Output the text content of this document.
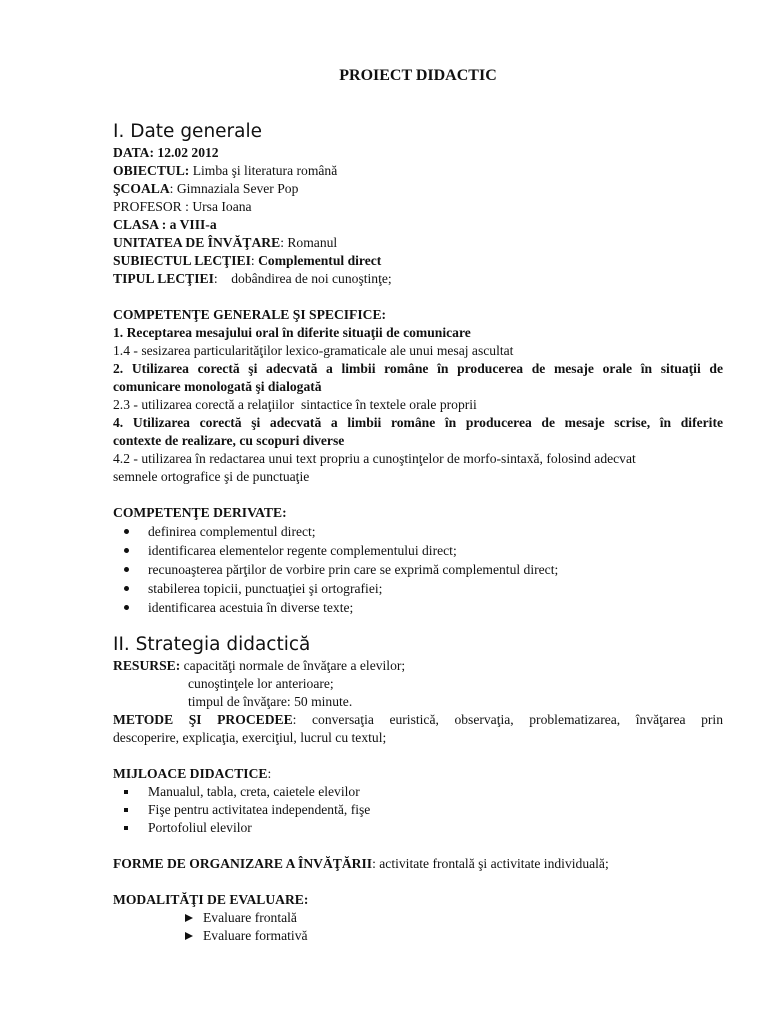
PROIECT DIDACTIC
I. Date generale
DATA: 12.02 2012
OBIECTUL: Limba şi literatura română
ŞCOALA: Gimnaziala Sever Pop
PROFESOR : Ursa Ioana
CLASA : a VIII-a
UNITATEA DE ÎNVĂŢARE: Romanul
SUBIECTUL LECŢIEI: Complementul direct
TIPUL LECŢIEI:    dobândirea de noi cunoştinţe;
COMPETENŢE GENERALE ŞI SPECIFICE:
1. Receptarea mesajului oral în diferite situaţii de comunicare
1.4 - sesizarea particularităţilor lexico-gramaticale ale unui mesaj ascultat
2. Utilizarea corectă şi adecvată a limbii române în producerea de mesaje orale în situaţii de
comunicare monologată şi dialogată
2.3 - utilizarea corectă a relaţiilor  sintactice în textele orale proprii
4. Utilizarea corectă şi adecvată a limbii române în producerea de mesaje scrise, în diferite
contexte de realizare, cu scopuri diverse
4.2 - utilizarea în redactarea unui text propriu a cunoştinţelor de morfo-sintaxă, folosind adecvat
semnele ortografice şi de punctuaţie
COMPETENŢE DERIVATE:
definirea complementul direct;
identificarea elementelor regente complementului direct;
recunoaşterea părţilor de vorbire prin care se exprimă complementul direct;
stabilerea topicii, punctuaţiei şi ortografiei;
identificarea acestuia în diverse texte;
II. Strategia didactică
RESURSE: capacităţi normale de învăţare a elevilor;
cunoştinţele lor anterioare;
timpul de învăţare: 50 minute.
METODE ŞI PROCEDEE: conversaţia euristică, observaţia, problematizarea, învăţarea prin
descoperire, explicaţia, exerciţiul, lucrul cu textul;
MIJLOACE DIDACTICE:
Manualul, tabla, creta, caietele elevilor
Fişe pentru activitatea independentă, fişe
Portofoliul elevilor
FORME DE ORGANIZARE A ÎNVĂŢĂRII: activitate frontală şi activitate individuală;
MODALITĂŢI DE EVALUARE:
Evaluare frontală
Evaluare formativă
